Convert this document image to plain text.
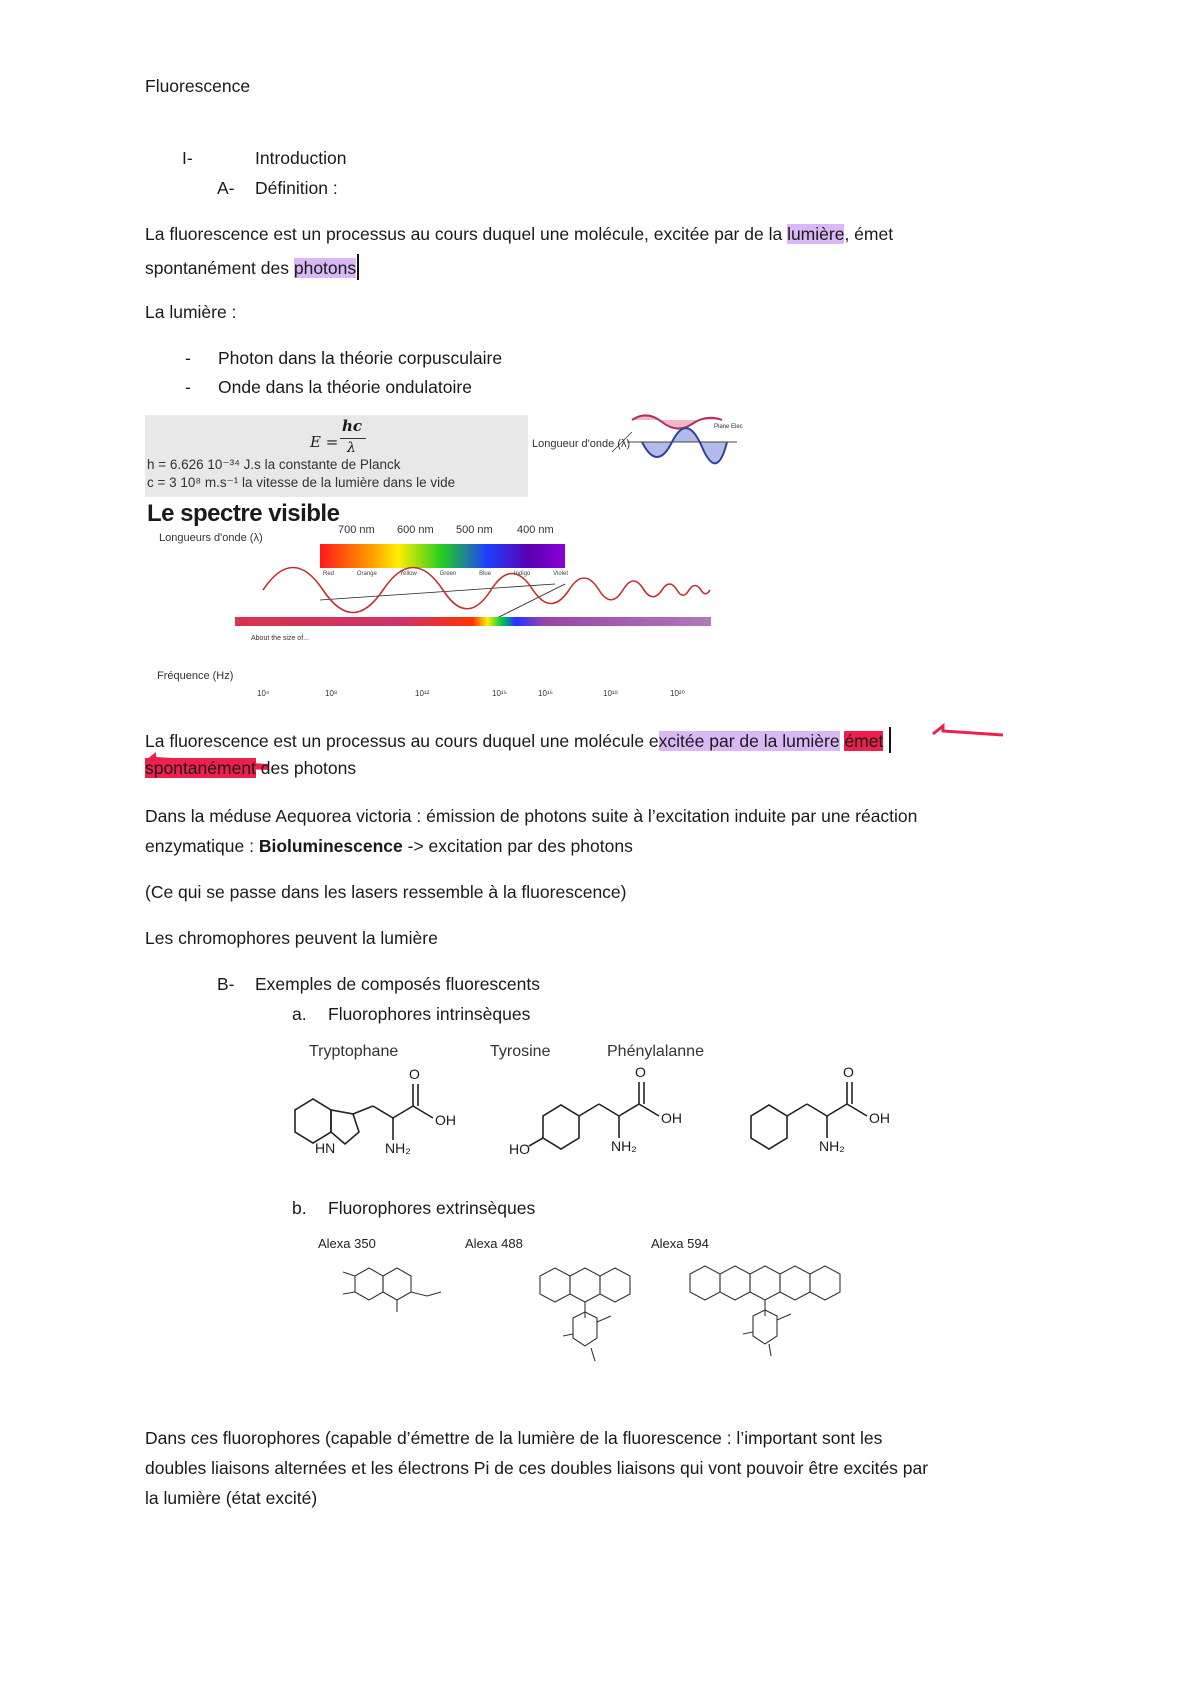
Fluorescence
I-	Introduction
A- Définition :
La fluorescence est un processus au cours duquel une molécule, excitée par de la lumière, émet
spontanément des photons
La lumière :
- Photon dans la théorie corpusculaire
- Onde dans la théorie ondulatoire
E =
hc
λ
h = 6.626 10⁻³⁴ J.s la constante de Planck
c = 3 10⁸ m.s⁻¹ la vitesse de la lumière dans le vide
Longueur d'onde (λ)
Plane Elec
Le spectre visible
Longueurs d'onde (λ)
700 nm 600 nm 500 nm 400 nm
Red	Orange	Yellow	Green	Blue	Indigo	Violet
About the size of...
Fréquence (Hz)
10⁴	10⁸	10¹²	10¹⁵	10¹⁶	10¹⁸	10²⁰
La fluorescence est un processus au cours duquel une molécule excitée par de la lumière émet
spontanément des photons
Dans la méduse Aequorea victoria : émission de photons suite à l’excitation induite par une réaction
enzymatique : Bioluminescence -> excitation par des photons
(Ce qui se passe dans les lasers ressemble à la fluorescence)
Les chromophores peuvent la lumière
B- Exemples de composés fluorescents
a. Fluorophores intrinsèques
Tryptophane	Tyrosine	Phénylalanne
O
OH
NH₂
HN
O
OH
NH₂
HO
O
OH
NH₂
b. Fluorophores extrinsèques
Alexa 350	Alexa 488	Alexa 594
Dans ces fluorophores (capable d’émettre de la lumière de la fluorescence : l’important sont les
doubles liaisons alternées et les électrons Pi de ces doubles liaisons qui vont pouvoir être excités par
la lumière (état excité)
